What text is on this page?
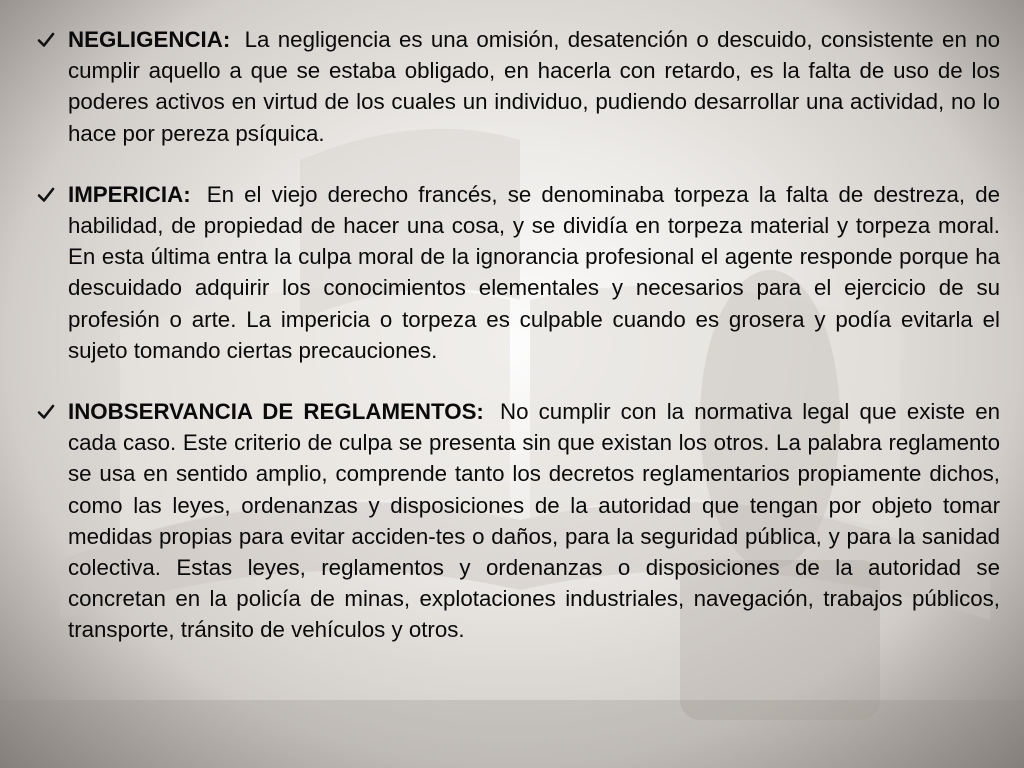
NEGLIGENCIA: La negligencia es una omisión, desatención o descuido, consistente en no cumplir aquello a que se estaba obligado, en hacerla con retardo, es la falta de uso de los poderes activos en virtud de los cuales un individuo, pudiendo desarrollar una actividad, no lo hace por pereza psíquica.

IMPERICIA: En el viejo derecho francés, se denominaba torpeza la falta de destreza, de habilidad, de propiedad de hacer una cosa, y se dividía en torpeza material y torpeza moral. En esta última entra la culpa moral de la ignorancia profesional el agente responde porque ha descuidado adquirir los conocimientos elementales y necesarios para el ejercicio de su profesión o arte. La impericia o torpeza es culpable cuando es grosera y podía evitarla el sujeto tomando ciertas precauciones.

INOBSERVANCIA DE REGLAMENTOS: No cumplir con la normativa legal que existe en cada caso. Este criterio de culpa se presenta sin que existan los otros. La palabra reglamento se usa en sentido amplio, comprende tanto los decretos reglamentarios propiamente dichos, como las leyes, ordenanzas y disposiciones de la autoridad que tengan por objeto tomar medidas propias para evitar acciden-tes o daños, para la seguridad pública, y para la sanidad colectiva. Estas leyes, reglamentos y ordenanzas o disposiciones de la autoridad se concretan en la policía de minas, explotaciones industriales, navegación, trabajos públicos, transporte, tránsito de vehículos y otros.
